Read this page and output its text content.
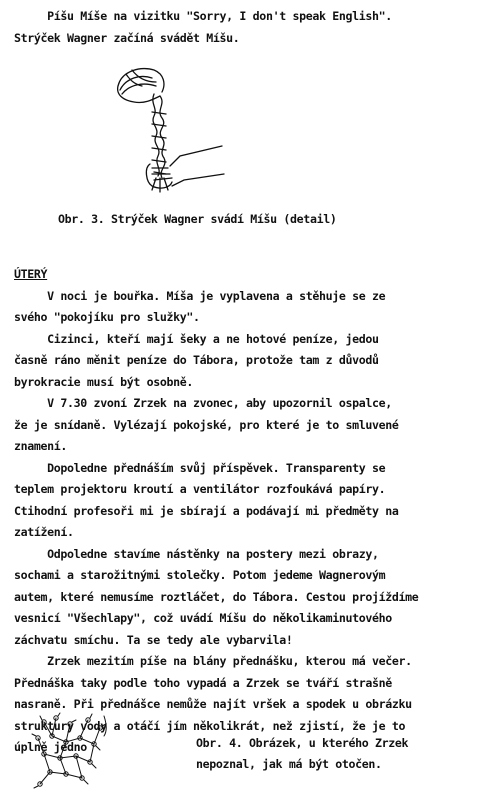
Píšu Míše na vizitku "Sorry, I don't speak English".
Strýček Wagner začíná svádět Míšu.
Obr. 3. Strýček Wagner svádí Míšu (detail)
ÚTERÝ
V noci je bouřka. Míša je vyplavena a stěhuje se ze
svého "pokojíku pro služky".
Cizinci, kteří mají šeky a ne hotové peníze, jedou
časně ráno měnit peníze do Tábora, protože tam z důvodů
byrokracie musí být osobně.
V 7.30 zvoní Zrzek na zvonec, aby upozornil ospalce,
že je snídaně. Vylézají pokojské, pro které je to smluvené
znamení.
Dopoledne přednáším svůj příspěvek. Transparenty se
teplem projektoru kroutí a ventilátor rozfoukává papíry.
Ctihodní profesoři mi je sbírají a podávají mi předměty na
zatížení.
Odpoledne stavíme nástěnky na postery mezi obrazy,
sochami a starožitnými stolečky. Potom jedeme Wagnerovým
autem, které nemusíme roztláčet, do Tábora. Cestou projíždíme
vesnicí "Všechlapy", což uvádí Míšu do několikaminutového
záchvatu smíchu. Ta se tedy ale vybarvila!
Zrzek mezitím píše na blány přednášku, kterou má večer.
Přednáška taky podle toho vypadá a Zrzek se tváří strašně
nasraně. Při přednášce nemůže najít vršek a spodek u obrázku
struktury vody a otáčí jím několikrát, než zjistí, že je to
úplně jedno	Obr. 4. Obrázek, u kterého Zrzek
nepoznal, jak má být otočen.
